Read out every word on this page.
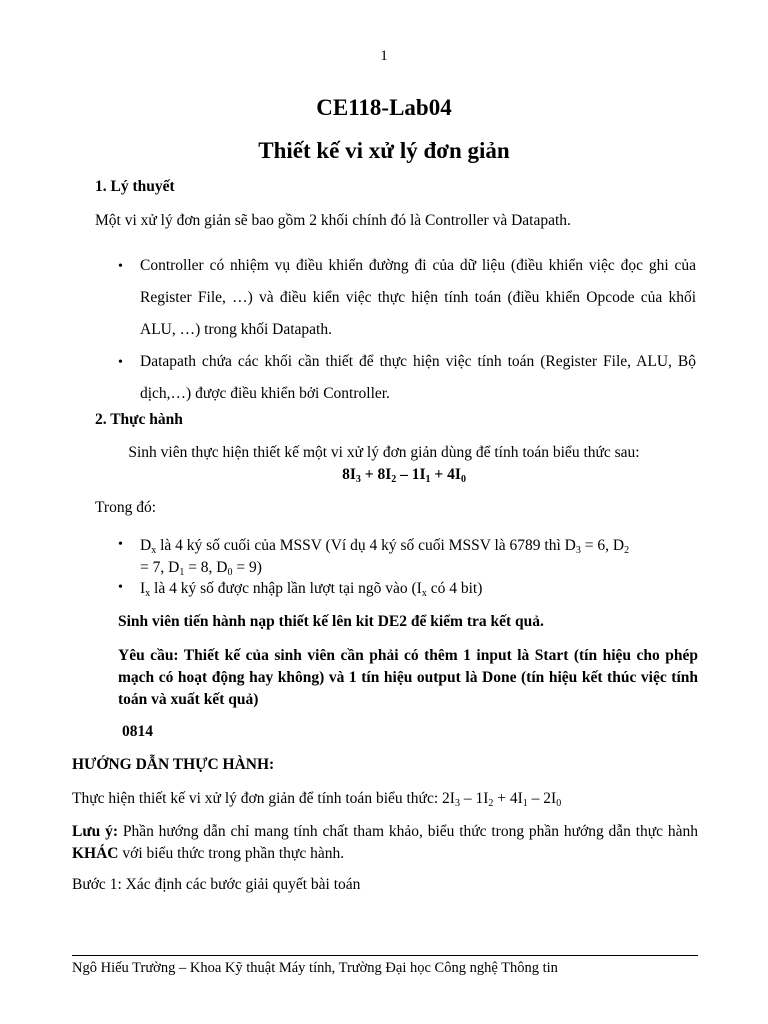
1
CE118-Lab04
Thiết kế vi xử lý đơn giản
1. Lý thuyết
Một vi xử lý đơn giản sẽ bao gồm 2 khối chính đó là Controller và Datapath.
• Controller có nhiệm vụ điều khiển đường đi của dữ liệu (điều khiển việc đọc ghi của Register File, …) và điều kiển việc thực hiện tính toán (điều khiển Opcode của khối ALU, …) trong khối Datapath.
• Datapath chứa các khối cần thiết để thực hiện việc tính toán (Register File, ALU, Bộ dịch,…) được điều khiển bởi Controller.
2. Thực hành
Sinh viên thực hiện thiết kế một vi xử lý đơn giản dùng để tính toán biểu thức sau:
$8I_3 + 8I_2 - 1I_1 + 4I_0$
Trong đó:
• $D_x$ là 4 ký số cuối của MSSV (Ví dụ 4 ký số cuối MSSV là 6789 thì $D_3 = 6$, $D_2$
= 7, $D_1 = 8$, $D_0 = 9$)
• $I_x$ là 4 ký số được nhập lần lượt tại ngõ vào ($I_x$ có 4 bit)
Sinh viên tiến hành nạp thiết kế lên kit DE2 để kiểm tra kết quả.
Yêu cầu: Thiết kế của sinh viên cần phải có thêm 1 input là Start (tín hiệu cho phép mạch có hoạt động hay không) và 1 tín hiệu output là Done (tín hiệu kết thúc việc tính toán và xuất kết quả)
0814
HƯỚNG DẪN THỰC HÀNH:
Thực hiện thiết kế vi xử lý đơn giản để tính toán biểu thức: $2I_3 - 1I_2 + 4I_1 - 2I_0$
Lưu ý: Phần hướng dẫn chỉ mang tính chất tham khảo, biểu thức trong phần hướng dẫn thực hành KHÁC với biểu thức trong phần thực hành.
Bước 1: Xác định các bước giải quyết bài toán
Ngô Hiếu Trường – Khoa Kỹ thuật Máy tính, Trường Đại học Công nghệ Thông tin
